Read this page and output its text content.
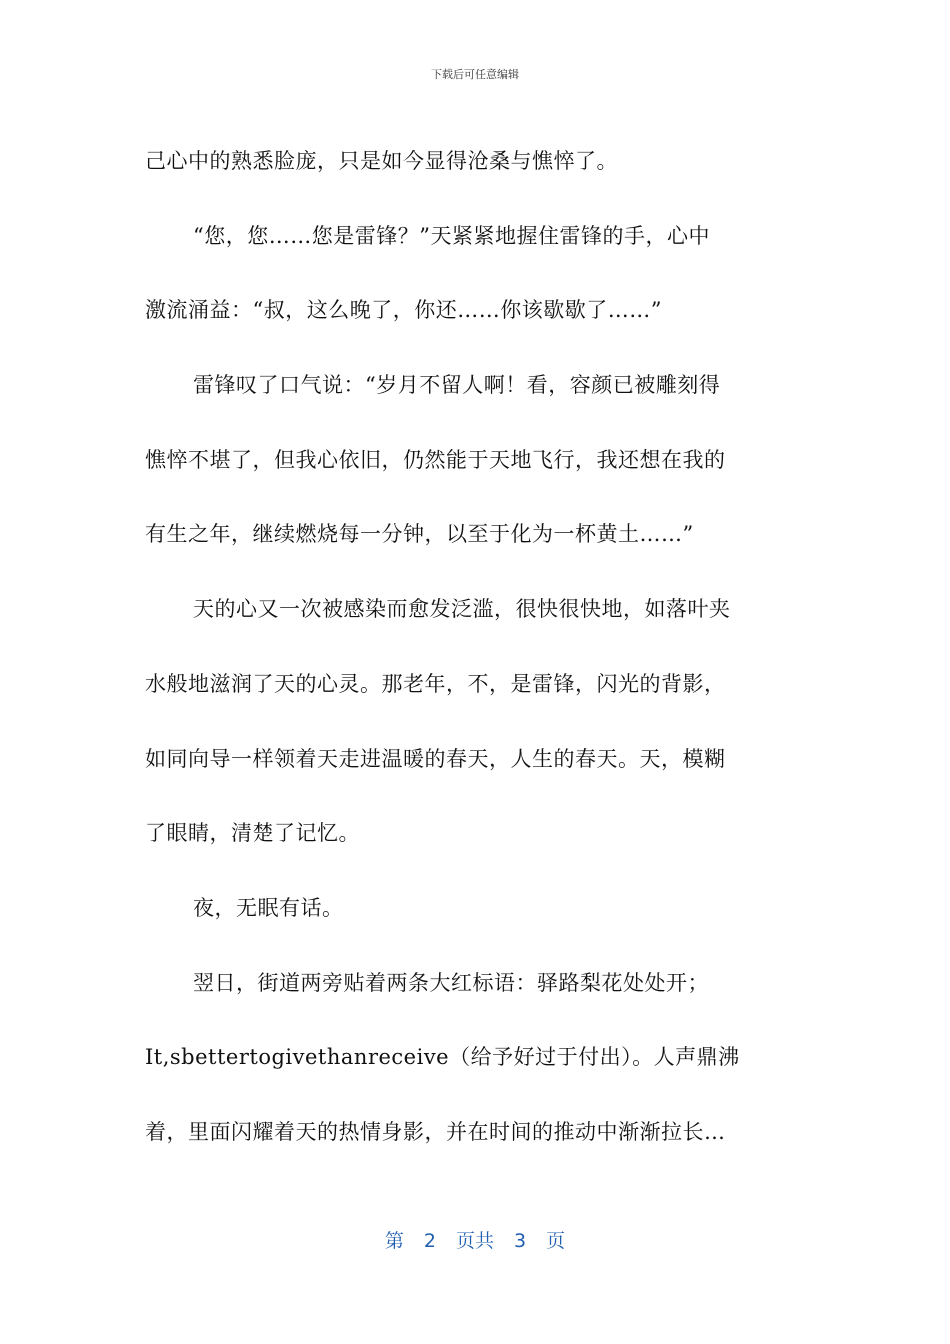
下载后可任意编辑
己心中的熟悉脸庞，只是如今显得沧桑与憔悴了。
“您，您……您是雷锋？”天紧紧地握住雷锋的手，心中
激流涌益：“叔，这么晚了，你还……你该歇歇了……”
雷锋叹了口气说：“岁月不留人啊！看，容颜已被雕刻得
憔悴不堪了，但我心依旧，仍然能于天地飞行，我还想在我的
有生之年，继续燃烧每一分钟，以至于化为一杯黄土……”
天的心又一次被感染而愈发泛滥，很快很快地，如落叶夹
水般地滋润了天的心灵。那老年，不，是雷锋，闪光的背影，
如同向导一样领着天走进温暖的春天，人生的春天。天，模糊
了眼睛，清楚了记忆。
夜，无眠有话。
翌日，街道两旁贴着两条大红标语：驿路梨花处处开；
It,sbettertogivethanreceive（给予好过于付出）。人声鼎沸
着，里面闪耀着天的热情身影，并在时间的推动中渐渐拉长…
第 2 页共 3 页
